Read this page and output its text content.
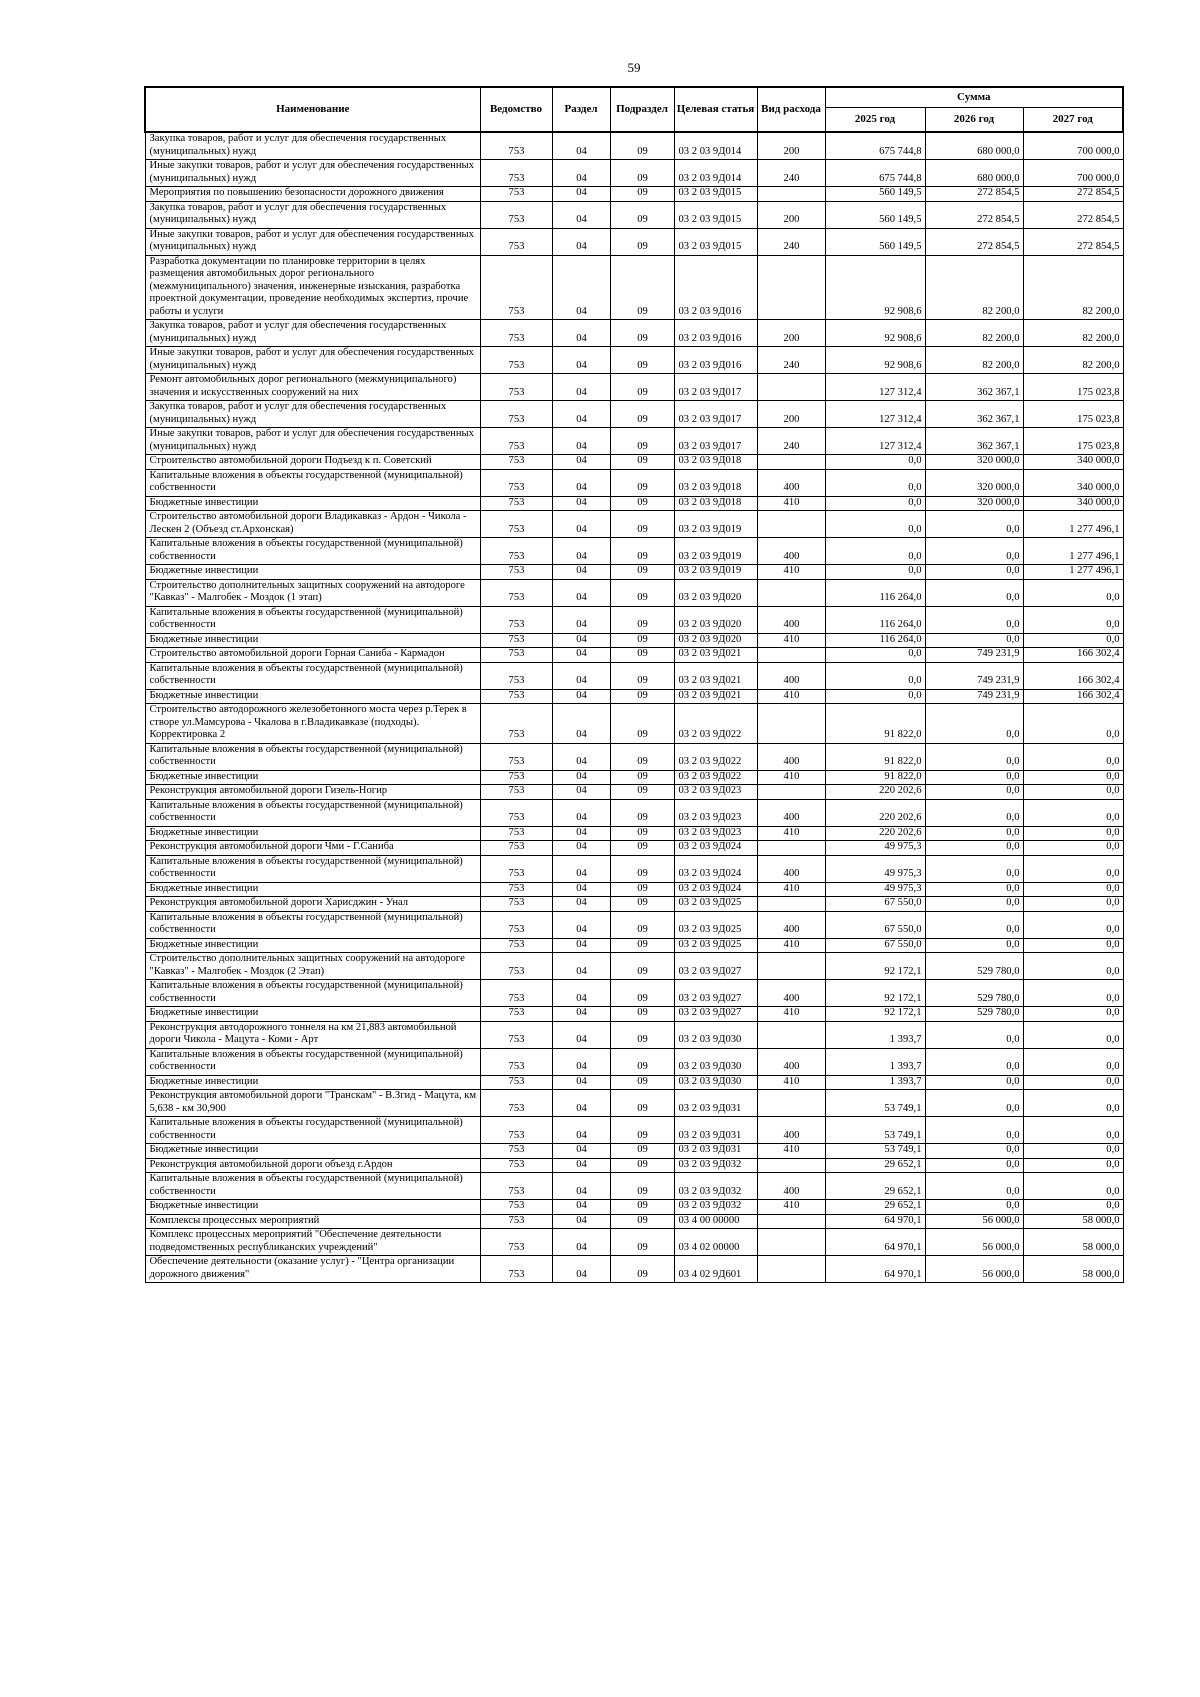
59
Наименование	Ведомство	Раздел	Подраздел	Целевая статья	Вид расхода	Сумма		
						2025 год	2026 год	2027 год
Закупка товаров, работ и услуг для обеспечения государственных (муниципальных) нужд	753	04	09	03 2 03 9Д014	200	675 744,8	680 000,0	700 000,0
Иные закупки товаров, работ и услуг для обеспечения государственных (муниципальных) нужд	753	04	09	03 2 03 9Д014	240	675 744,8	680 000,0	700 000,0
Мероприятия по повышению безопасности дорожного движения	753	04	09	03 2 03 9Д015		560 149,5	272 854,5	272 854,5
Закупка товаров, работ и услуг для обеспечения государственных (муниципальных) нужд	753	04	09	03 2 03 9Д015	200	560 149,5	272 854,5	272 854,5
Иные закупки товаров, работ и услуг для обеспечения государственных (муниципальных) нужд	753	04	09	03 2 03 9Д015	240	560 149,5	272 854,5	272 854,5
Разработка документации по планировке территории в целях размещения автомобильных дорог регионального (межмуниципального) значения, инженерные изыскания, разработка проектной документации, проведение необходимых экспертиз, прочие работы и услуги	753	04	09	03 2 03 9Д016		92 908,6	82 200,0	82 200,0
Закупка товаров, работ и услуг для обеспечения государственных (муниципальных) нужд	753	04	09	03 2 03 9Д016	200	92 908,6	82 200,0	82 200,0
Иные закупки товаров, работ и услуг для обеспечения государственных (муниципальных) нужд	753	04	09	03 2 03 9Д016	240	92 908,6	82 200,0	82 200,0
Ремонт автомобильных дорог регионального (межмуниципального) значения и искусственных сооружений на них	753	04	09	03 2 03 9Д017		127 312,4	362 367,1	175 023,8
Закупка товаров, работ и услуг для обеспечения государственных (муниципальных) нужд	753	04	09	03 2 03 9Д017	200	127 312,4	362 367,1	175 023,8
Иные закупки товаров, работ и услуг для обеспечения государственных (муниципальных) нужд	753	04	09	03 2 03 9Д017	240	127 312,4	362 367,1	175 023,8
Строительство автомобильной дороги Подъезд к п. Советский	753	04	09	03 2 03 9Д018		0,0	320 000,0	340 000,0
Капитальные вложения в объекты государственной (муниципальной) собственности	753	04	09	03 2 03 9Д018	400	0,0	320 000,0	340 000,0
Бюджетные инвестиции	753	04	09	03 2 03 9Д018	410	0,0	320 000,0	340 000,0
Строительство автомобильной дороги Владикавказ - Ардон - Чикола - Лескен 2 (Объезд ст.Архонская)	753	04	09	03 2 03 9Д019		0,0	0,0	1 277 496,1
Капитальные вложения в объекты государственной (муниципальной) собственности	753	04	09	03 2 03 9Д019	400	0,0	0,0	1 277 496,1
Бюджетные инвестиции	753	04	09	03 2 03 9Д019	410	0,0	0,0	1 277 496,1
Строительство дополнительных защитных сооружений на автодороге "Кавказ" - Малгобек - Моздок (1 этап)	753	04	09	03 2 03 9Д020		116 264,0	0,0	0,0
Капитальные вложения в объекты государственной (муниципальной) собственности	753	04	09	03 2 03 9Д020	400	116 264,0	0,0	0,0
Бюджетные инвестиции	753	04	09	03 2 03 9Д020	410	116 264,0	0,0	0,0
Строительство автомобильной дороги Горная Саниба - Кармадон	753	04	09	03 2 03 9Д021		0,0	749 231,9	166 302,4
Капитальные вложения в объекты государственной (муниципальной) собственности	753	04	09	03 2 03 9Д021	400	0,0	749 231,9	166 302,4
Бюджетные инвестиции	753	04	09	03 2 03 9Д021	410	0,0	749 231,9	166 302,4
Строительство автодорожного железобетонного моста через р.Терек в створе ул.Мамсурова - Чкалова в г.Владикавказе (подходы). Корректировка 2	753	04	09	03 2 03 9Д022		91 822,0	0,0	0,0
Капитальные вложения в объекты государственной (муниципальной) собственности	753	04	09	03 2 03 9Д022	400	91 822,0	0,0	0,0
Бюджетные инвестиции	753	04	09	03 2 03 9Д022	410	91 822,0	0,0	0,0
Реконструкция автомобильной дороги Гизель-Ногир	753	04	09	03 2 03 9Д023		220 202,6	0,0	0,0
Капитальные вложения в объекты государственной (муниципальной) собственности	753	04	09	03 2 03 9Д023	400	220 202,6	0,0	0,0
Бюджетные инвестиции	753	04	09	03 2 03 9Д023	410	220 202,6	0,0	0,0
Реконструкция автомобильной дороги Чми - Г.Саниба	753	04	09	03 2 03 9Д024		49 975,3	0,0	0,0
Капитальные вложения в объекты государственной (муниципальной) собственности	753	04	09	03 2 03 9Д024	400	49 975,3	0,0	0,0
Бюджетные инвестиции	753	04	09	03 2 03 9Д024	410	49 975,3	0,0	0,0
Реконструкция автомобильной дороги Харисджин - Унал	753	04	09	03 2 03 9Д025		67 550,0	0,0	0,0
Капитальные вложения в объекты государственной (муниципальной) собственности	753	04	09	03 2 03 9Д025	400	67 550,0	0,0	0,0
Бюджетные инвестиции	753	04	09	03 2 03 9Д025	410	67 550,0	0,0	0,0
Строительство дополнительных защитных сооружений на автодороге "Кавказ" - Малгобек - Моздок (2 Этап)	753	04	09	03 2 03 9Д027		92 172,1	529 780,0	0,0
Капитальные вложения в объекты государственной (муниципальной) собственности	753	04	09	03 2 03 9Д027	400	92 172,1	529 780,0	0,0
Бюджетные инвестиции	753	04	09	03 2 03 9Д027	410	92 172,1	529 780,0	0,0
Реконструкция автодорожного тоннеля на км 21,883 автомобильной дороги Чикола - Мацута - Коми - Арт	753	04	09	03 2 03 9Д030		1 393,7	0,0	0,0
Капитальные вложения в объекты государственной (муниципальной) собственности	753	04	09	03 2 03 9Д030	400	1 393,7	0,0	0,0
Бюджетные инвестиции	753	04	09	03 2 03 9Д030	410	1 393,7	0,0	0,0
Реконструкция автомобильной дороги "Транскам" - В.Згид - Мацута, км 5,638 - км 30,900	753	04	09	03 2 03 9Д031		53 749,1	0,0	0,0
Капитальные вложения в объекты государственной (муниципальной) собственности	753	04	09	03 2 03 9Д031	400	53 749,1	0,0	0,0
Бюджетные инвестиции	753	04	09	03 2 03 9Д031	410	53 749,1	0,0	0,0
Реконструкция автомобильной дороги объезд г.Ардон	753	04	09	03 2 03 9Д032		29 652,1	0,0	0,0
Капитальные вложения в объекты государственной (муниципальной) собственности	753	04	09	03 2 03 9Д032	400	29 652,1	0,0	0,0
Бюджетные инвестиции	753	04	09	03 2 03 9Д032	410	29 652,1	0,0	0,0
Комплексы процессных мероприятий	753	04	09	03 4 00 00000		64 970,1	56 000,0	58 000,0
Комплекс процессных мероприятий "Обеспечение деятельности подведомственных республиканских учреждений"	753	04	09	03 4 02 00000		64 970,1	56 000,0	58 000,0
Обеспечение деятельности (оказание услуг) - "Центра организации дорожного движения"	753	04	09	03 4 02 9Д601		64 970,1	56 000,0	58 000,0
